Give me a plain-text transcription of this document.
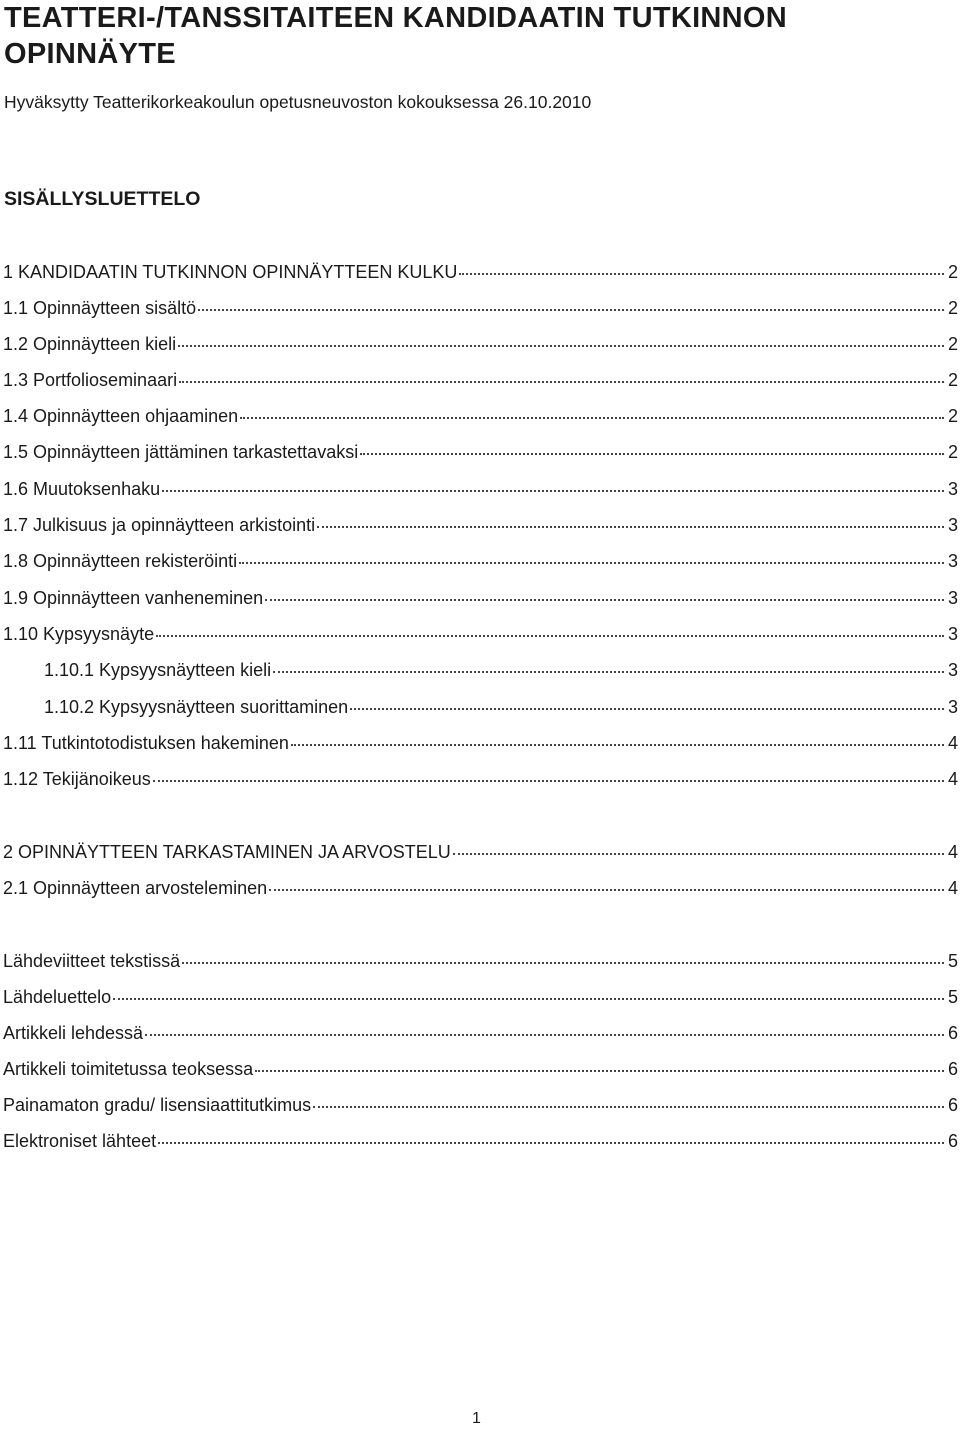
TEATTERI-/TANSSITAITEEN KANDIDAATIN TUTKINNON OPINNÄYTE
Hyväksytty Teatterikorkeakoulun opetusneuvoston kokouksessa 26.10.2010
SISÄLLYSLUETTELO
1 KANDIDAATIN TUTKINNON OPINNÄYTTEEN KULKU	2
1.1 Opinnäytteen sisältö	2
1.2 Opinnäytteen kieli	2
1.3 Portfolioseminaari	2
1.4 Opinnäytteen ohjaaminen	2
1.5 Opinnäytteen jättäminen tarkastettavaksi	2
1.6 Muutoksenhaku	3
1.7 Julkisuus ja opinnäytteen arkistointi	3
1.8 Opinnäytteen rekisteröinti	3
1.9 Opinnäytteen vanheneminen	3
1.10 Kypsyysnäyte	3
1.10.1 Kypsyysnäytteen kieli	3
1.10.2 Kypsyysnäytteen suorittaminen	3
1.11 Tutkintotodistuksen hakeminen	4
1.12 Tekijänoikeus	4
2 OPINNÄYTTEEN TARKASTAMINEN JA ARVOSTELU	4
2.1 Opinnäytteen arvosteleminen	4
Lähdeviitteet tekstissä	5
Lähdeluettelo	5
Artikkeli lehdessä	6
Artikkeli toimitetussa teoksessa	6
Painamaton gradu/ lisensiaattitutkimus	6
Elektroniset lähteet	6
1
